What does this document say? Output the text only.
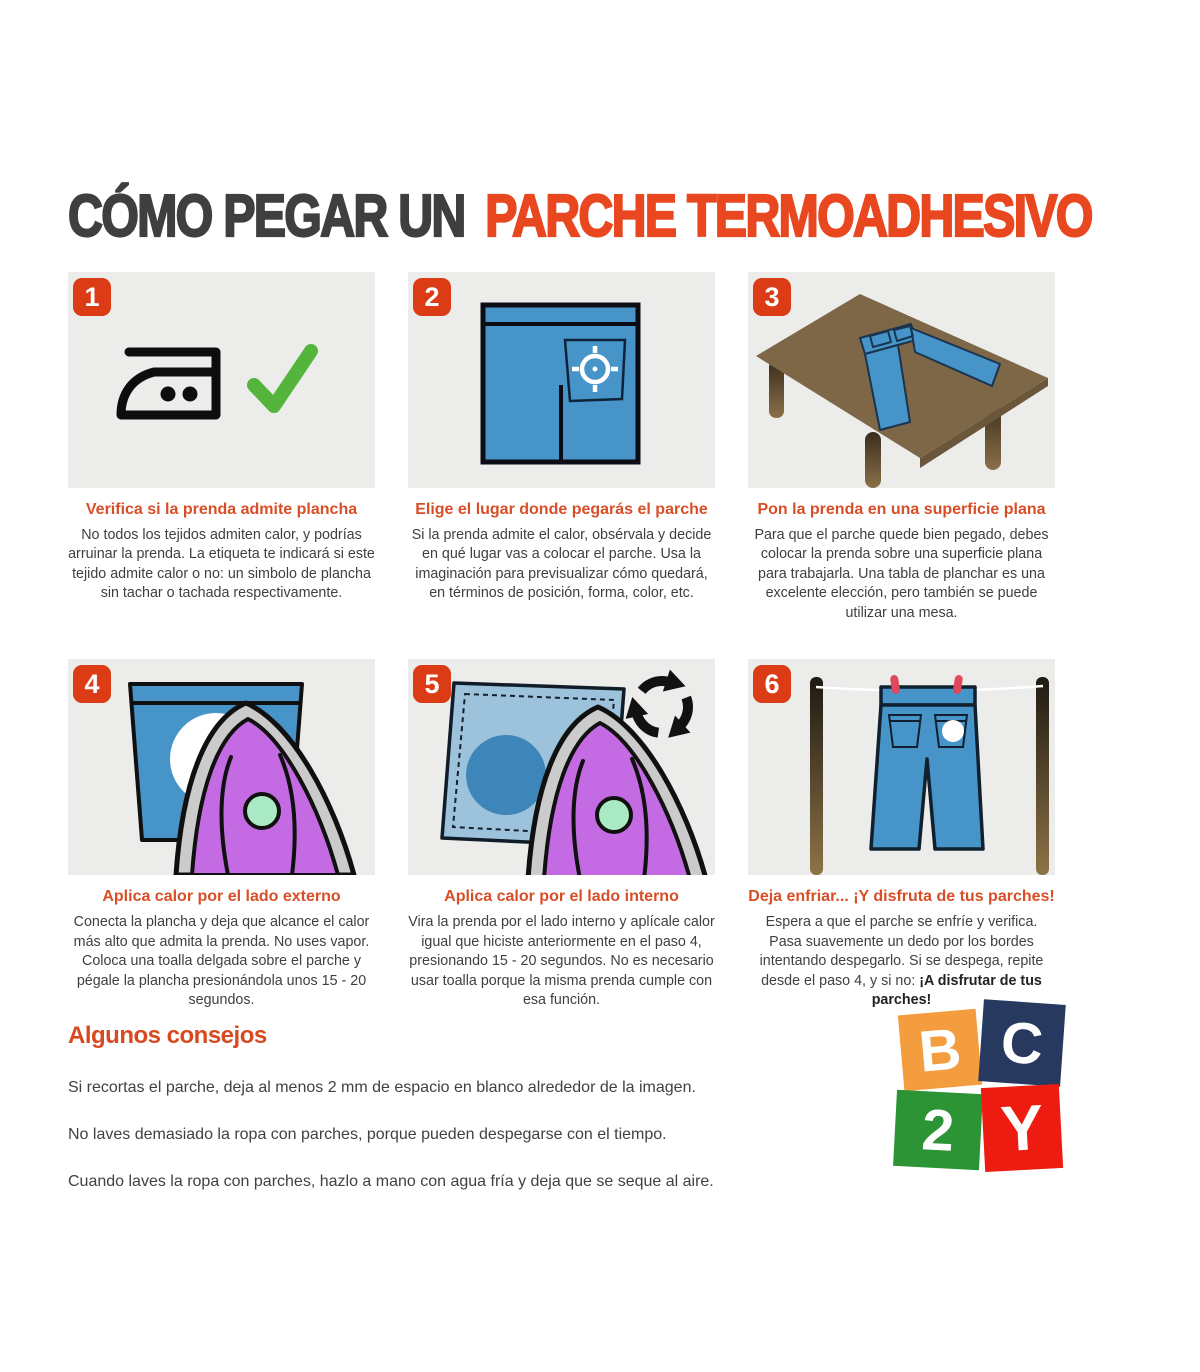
CÓMO PEGAR UN PARCHE TERMOADHESIVO
1
Verifica si la prenda admite plancha
No todos los tejidos admiten calor, y podrías arruinar la prenda. La etiqueta te indicará si este tejido admite calor o no: un simbolo de plancha sin tachar o tachada respectivamente.
2
Elige el lugar donde pegarás el parche
Si la prenda admite el calor, obsérvala y decide en qué lugar vas a colocar el parche. Usa la imaginación para previsualizar cómo quedará, en términos de posición, forma, color, etc.
3
Pon la prenda en una superficie plana
Para que el parche quede bien pegado, debes colocar la prenda sobre una superficie plana para trabajarla. Una tabla de planchar es una excelente elección, pero también se puede utilizar una mesa.
4
Aplica calor por el lado externo
Conecta la plancha y deja que alcance el calor más alto que admita la prenda. No uses vapor. Coloca una toalla delgada sobre el parche y pégale la plancha presionándola unos 15 - 20 segundos.
5
Aplica calor por el lado interno
Vira la prenda por el lado interno y aplícale calor igual que hiciste anteriormente en el paso 4, presionando 15 - 20 segundos. No es necesario usar toalla porque la misma prenda cumple con esa función.
6
Deja enfriar... ¡Y disfruta de tus parches!
Espera a que el parche se enfríe y verifica. Pasa suavemente un dedo por los bordes intentando despegarlo. Si se despega, repite desde el paso 4, y si no: ¡A disfrutar de tus parches!
Algunos consejos
Si recortas el parche, deja al menos 2 mm de espacio en blanco alrededor de la imagen.
No laves demasiado la ropa con parches, porque pueden despegarse con el tiempo.
Cuando laves la ropa con parches, hazlo a mano con agua fría y deja que se seque al aire.
B C
2 Y
